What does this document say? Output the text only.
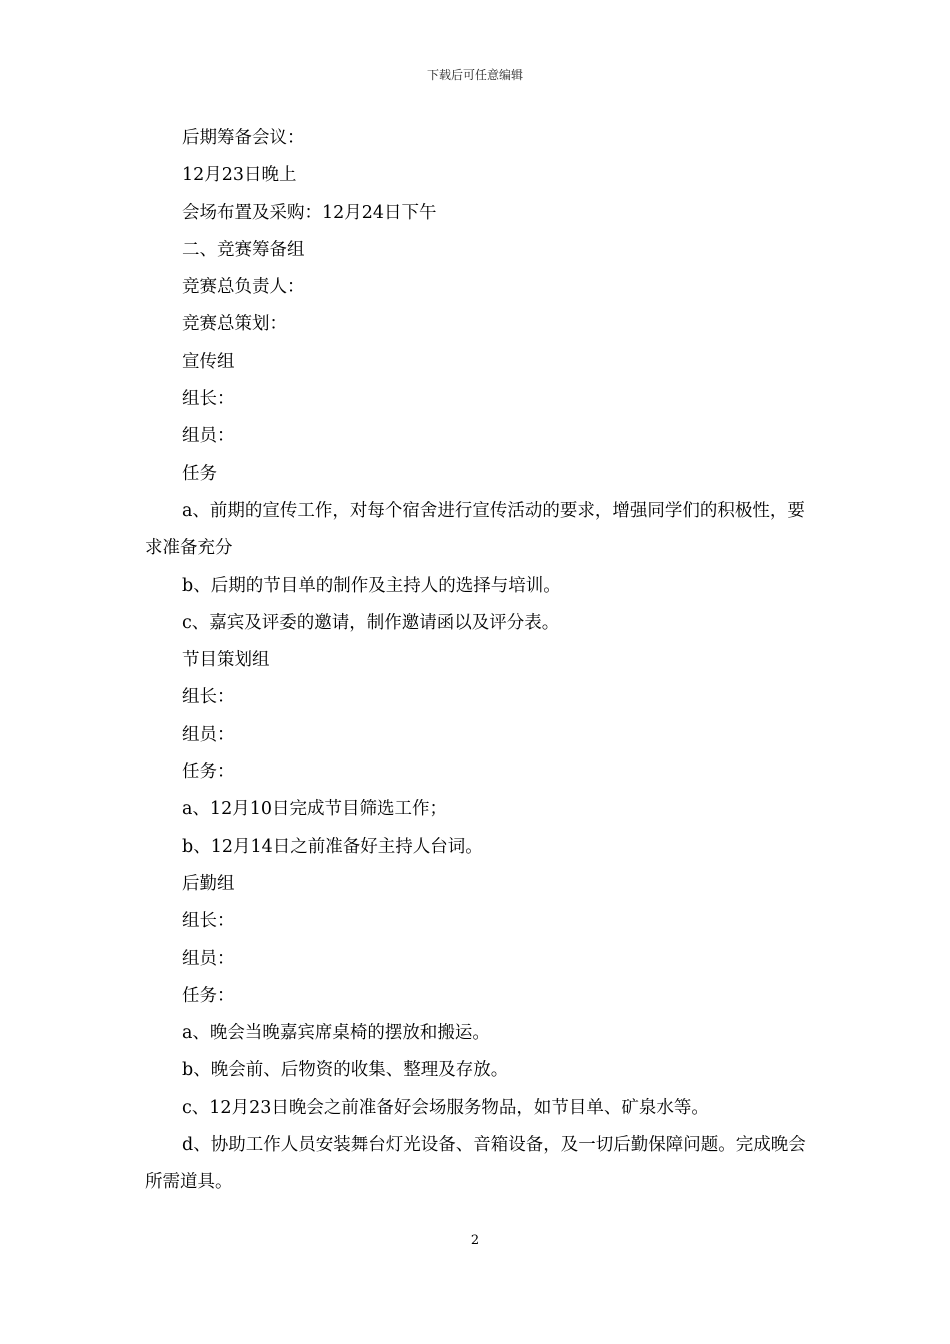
下载后可任意编辑

后期筹备会议：

12月23日晚上

会场布置及采购：12月24日下午

二、竞赛筹备组

竞赛总负责人：

竞赛总策划：

宣传组

组长：

组员：

任务

a、前期的宣传工作，对每个宿舍进行宣传活动的要求，增强同学们的积极性，要求准备充分

b、后期的节目单的制作及主持人的选择与培训。

c、嘉宾及评委的邀请，制作邀请函以及评分表。

节目策划组

组长：

组员：

任务：

a、12月10日完成节目筛选工作；

b、12月14日之前准备好主持人台词。

后勤组

组长：

组员：

任务：

a、晚会当晚嘉宾席桌椅的摆放和搬运。

b、晚会前、后物资的收集、整理及存放。

c、12月23日晚会之前准备好会场服务物品，如节目单、矿泉水等。

d、协助工作人员安装舞台灯光设备、音箱设备，及一切后勤保障问题。完成晚会所需道具。

2
